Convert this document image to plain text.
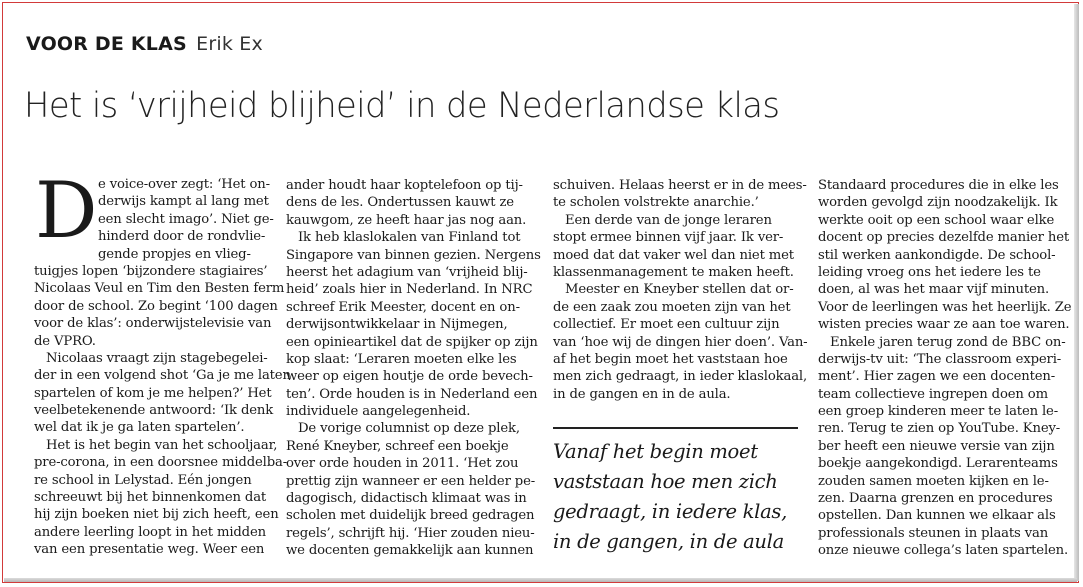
VOOR DE KLAS Erik Ex
Het is ‘vrijheid blijheid’ in de Nederlandse klas
D e voice-over zegt: ‘Het on-
derwijs kampt al lang met
een slecht imago’. Niet ge-
hinderd door de rondvlie-
gende propjes en vlieg-
tuigjes lopen ‘bijzondere stagiaires’
Nicolaas Veul en Tim den Besten ferm
door de school. Zo begint ‘100 dagen
voor de klas’: onderwijstelevisie van
de VPRO.
Nicolaas vraagt zijn stagebegelei-
der in een volgend shot ‘Ga je me laten
spartelen of kom je me helpen?’ Het
veelbetekenende antwoord: ‘Ik denk
wel dat ik je ga laten spartelen’.
Het is het begin van het schooljaar,
pre-corona, in een doorsnee middelba-
re school in Lelystad. Eén jongen
schreeuwt bij het binnenkomen dat
hij zijn boeken niet bij zich heeft, een
andere leerling loopt in het midden
van een presentatie weg. Weer een
ander houdt haar koptelefoon op tij-
dens de les. Ondertussen kauwt ze
kauwgom, ze heeft haar jas nog aan.
Ik heb klaslokalen van Finland tot
Singapore van binnen gezien. Nergens
heerst het adagium van ‘vrijheid blij-
heid’ zoals hier in Nederland. In NRC
schreef Erik Meester, docent en on-
derwijsontwikkelaar in Nijmegen,
een opinieartikel dat de spijker op zijn
kop slaat: ‘Leraren moeten elke les
weer op eigen houtje de orde bevech-
ten’. Orde houden is in Nederland een
individuele aangelegenheid.
De vorige columnist op deze plek,
René Kneyber, schreef een boekje
over orde houden in 2011. ‘Het zou
prettig zijn wanneer er een helder pe-
dagogisch, didactisch klimaat was in
scholen met duidelijk breed gedragen
regels’, schrijft hij. ‘Hier zouden nieu-
we docenten gemakkelijk aan kunnen
schuiven. Helaas heerst er in de mees-
te scholen volstrekte anarchie.’
Een derde van de jonge leraren
stopt ermee binnen vijf jaar. Ik ver-
moed dat dat vaker wel dan niet met
klassenmanagement te maken heeft.
Meester en Kneyber stellen dat or-
de een zaak zou moeten zijn van het
collectief. Er moet een cultuur zijn
van ‘hoe wij de dingen hier doen’. Van-
af het begin moet het vaststaan hoe
men zich gedraagt, in ieder klaslokaal,
in de gangen en in de aula.
Standaard procedures die in elke les
worden gevolgd zijn noodzakelijk. Ik
werkte ooit op een school waar elke
docent op precies dezelfde manier het
stil werken aankondigde. De school-
leiding vroeg ons het iedere les te
doen, al was het maar vijf minuten.
Voor de leerlingen was het heerlijk. Ze
wisten precies waar ze aan toe waren.
Enkele jaren terug zond de BBC on-
derwijs-tv uit: ‘The classroom experi-
ment’. Hier zagen we een docenten-
team collectieve ingrepen doen om
een groep kinderen meer te laten le-
ren. Terug te zien op YouTube. Kney-
ber heeft een nieuwe versie van zijn
boekje aangekondigd. Lerarenteams
zouden samen moeten kijken en le-
zen. Daarna grenzen en procedures
opstellen. Dan kunnen we elkaar als
professionals steunen in plaats van
onze nieuwe collega’s laten spartelen.
Vanaf het begin moet
vaststaan hoe men zich
gedraagt, in iedere klas,
in de gangen, in de aula
